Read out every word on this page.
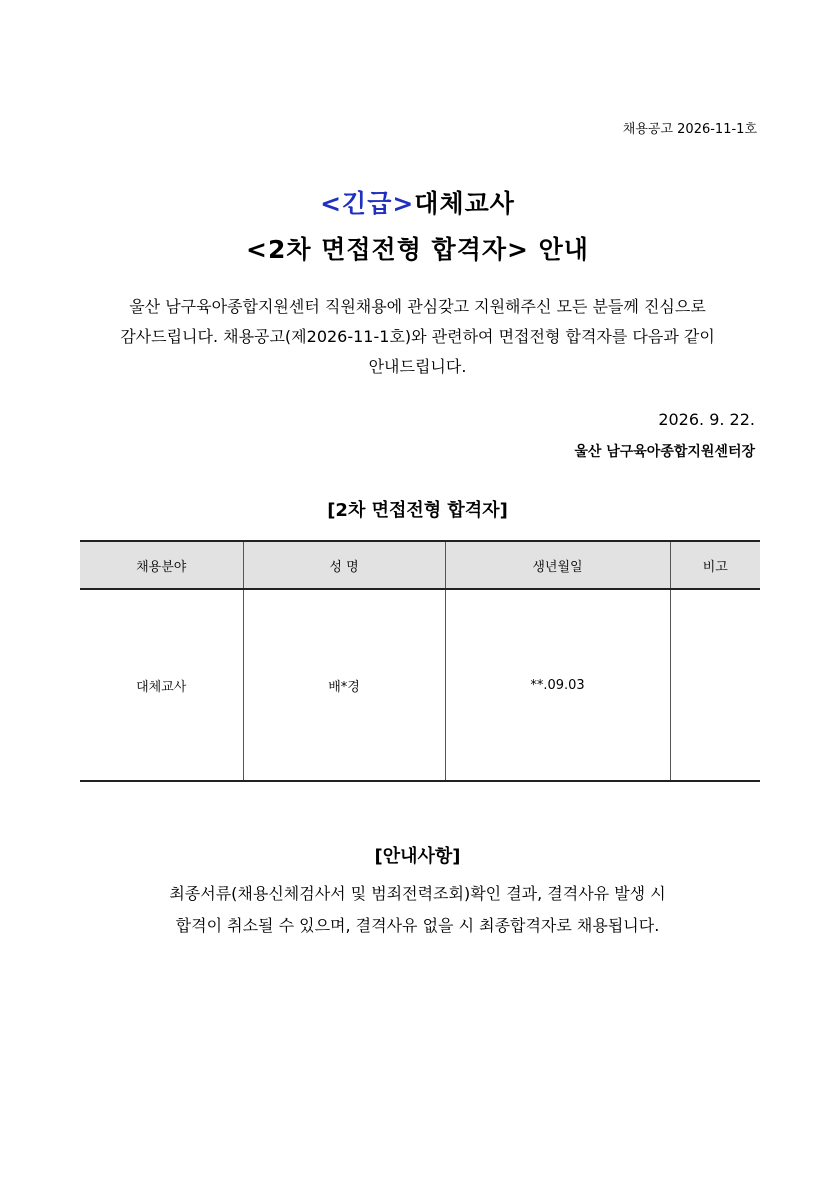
채용공고 2026-11-1호
<긴급>대체교사
<2차 면접전형 합격자> 안내
울산 남구육아종합지원센터 직원채용에 관심갖고 지원해주신 모든 분들께 진심으로
감사드립니다. 채용공고(제2026-11-1호)와 관련하여 면접전형 합격자를 다음과 같이
안내드립니다.
2026. 9. 22.
울산 남구육아종합지원센터장
[2차 면접전형 합격자]
채용분야	성 명	생년월일	비고
대체교사	배*경	**.09.03	
[안내사항]
최종서류(채용신체검사서 및 범죄전력조회)확인 결과, 결격사유 발생 시
합격이 취소될 수 있으며, 결격사유 없을 시 최종합격자로 채용됩니다.
